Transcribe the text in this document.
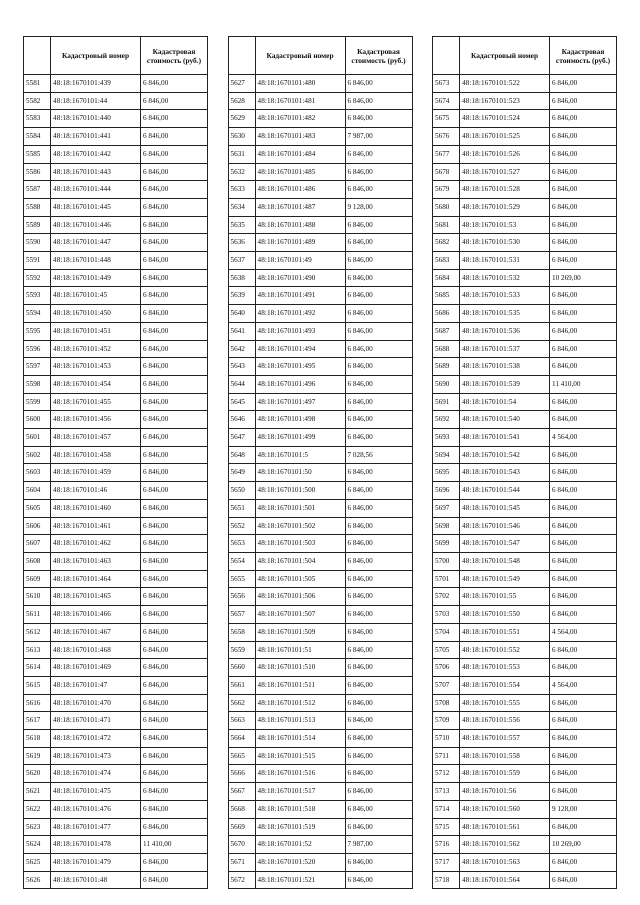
	Кадастровый номер	Кадастровая стоимость (руб.)
5581	48:18:1670101:439	6 846,00
5582	48:18:1670101:44	6 846,00
5583	48:18:1670101:440	6 846,00
5584	48:18:1670101:441	6 846,00
5585	48:18:1670101:442	6 846,00
5586	48:18:1670101:443	6 846,00
5587	48:18:1670101:444	6 846,00
5588	48:18:1670101:445	6 846,00
5589	48:18:1670101:446	6 846,00
5590	48:18:1670101:447	6 846,00
5591	48:18:1670101:448	6 846,00
5592	48:18:1670101:449	6 846,00
5593	48:18:1670101:45	6 846,00
5594	48:18:1670101:450	6 846,00
5595	48:18:1670101:451	6 846,00
5596	48:18:1670101:452	6 846,00
5597	48:18:1670101:453	6 846,00
5598	48:18:1670101:454	6 846,00
5599	48:18:1670101:455	6 846,00
5600	48:18:1670101:456	6 846,00
5601	48:18:1670101:457	6 846,00
5602	48:18:1670101:458	6 846,00
5603	48:18:1670101:459	6 846,00
5604	48:18:1670101:46	6 846,00
5605	48:18:1670101:460	6 846,00
5606	48:18:1670101:461	6 846,00
5607	48:18:1670101:462	6 846,00
5608	48:18:1670101:463	6 846,00
5609	48:18:1670101:464	6 846,00
5610	48:18:1670101:465	6 846,00
5611	48:18:1670101:466	6 846,00
5612	48:18:1670101:467	6 846,00
5613	48:18:1670101:468	6 846,00
5614	48:18:1670101:469	6 846,00
5615	48:18:1670101:47	6 846,00
5616	48:18:1670101:470	6 846,00
5617	48:18:1670101:471	6 846,00
5618	48:18:1670101:472	6 846,00
5619	48:18:1670101:473	6 846,00
5620	48:18:1670101:474	6 846,00
5621	48:18:1670101:475	6 846,00
5622	48:18:1670101:476	6 846,00
5623	48:18:1670101:477	6 846,00
5624	48:18:1670101:478	11 410,00
5625	48:18:1670101:479	6 846,00
5626	48:18:1670101:48	6 846,00
	Кадастровый номер	Кадастровая стоимость (руб.)
5627	48:18:1670101:480	6 846,00
5628	48:18:1670101:481	6 846,00
5629	48:18:1670101:482	6 846,00
5630	48:18:1670101:483	7 987,00
5631	48:18:1670101:484	6 846,00
5632	48:18:1670101:485	6 846,00
5633	48:18:1670101:486	6 846,00
5634	48:18:1670101:487	9 128,00
5635	48:18:1670101:488	6 846,00
5636	48:18:1670101:489	6 846,00
5637	48:18:1670101:49	6 846,00
5638	48:18:1670101:490	6 846,00
5639	48:18:1670101:491	6 846,00
5640	48:18:1670101:492	6 846,00
5641	48:18:1670101:493	6 846,00
5642	48:18:1670101:494	6 846,00
5643	48:18:1670101:495	6 846,00
5644	48:18:1670101:496	6 846,00
5645	48:18:1670101:497	6 846,00
5646	48:18:1670101:498	6 846,00
5647	48:18:1670101:499	6 846,00
5648	48:18:1670101:5	7 028,56
5649	48:18:1670101:50	6 846,00
5650	48:18:1670101:500	6 846,00
5651	48:18:1670101:501	6 846,00
5652	48:18:1670101:502	6 846,00
5653	48:18:1670101:503	6 846,00
5654	48:18:1670101:504	6 846,00
5655	48:18:1670101:505	6 846,00
5656	48:18:1670101:506	6 846,00
5657	48:18:1670101:507	6 846,00
5658	48:18:1670101:509	6 846,00
5659	48:18:1670101:51	6 846,00
5660	48:18:1670101:510	6 846,00
5661	48:18:1670101:511	6 846,00
5662	48:18:1670101:512	6 846,00
5663	48:18:1670101:513	6 846,00
5664	48:18:1670101:514	6 846,00
5665	48:18:1670101:515	6 846,00
5666	48:18:1670101:516	6 846,00
5667	48:18:1670101:517	6 846,00
5668	48:18:1670101:518	6 846,00
5669	48:18:1670101:519	6 846,00
5670	48:18:1670101:52	7 987,00
5671	48:18:1670101:520	6 846,00
5672	48:18:1670101:521	6 846,00
	Кадастровый номер	Кадастровая стоимость (руб.)
5673	48:18:1670101:522	6 846,00
5674	48:18:1670101:523	6 846,00
5675	48:18:1670101:524	6 846,00
5676	48:18:1670101:525	6 846,00
5677	48:18:1670101:526	6 846,00
5678	48:18:1670101:527	6 846,00
5679	48:18:1670101:528	6 846,00
5680	48:18:1670101:529	6 846,00
5681	48:18:1670101:53	6 846,00
5682	48:18:1670101:530	6 846,00
5683	48:18:1670101:531	6 846,00
5684	48:18:1670101:532	10 269,00
5685	48:18:1670101:533	6 846,00
5686	48:18:1670101:535	6 846,00
5687	48:18:1670101:536	6 846,00
5688	48:18:1670101:537	6 846,00
5689	48:18:1670101:538	6 846,00
5690	48:18:1670101:539	11 410,00
5691	48:18:1670101:54	6 846,00
5692	48:18:1670101:540	6 846,00
5693	48:18:1670101:541	4 564,00
5694	48:18:1670101:542	6 846,00
5695	48:18:1670101:543	6 846,00
5696	48:18:1670101:544	6 846,00
5697	48:18:1670101:545	6 846,00
5698	48:18:1670101:546	6 846,00
5699	48:18:1670101:547	6 846,00
5700	48:18:1670101:548	6 846,00
5701	48:18:1670101:549	6 846,00
5702	48:18:1670101:55	6 846,00
5703	48:18:1670101:550	6 846,00
5704	48:18:1670101:551	4 564,00
5705	48:18:1670101:552	6 846,00
5706	48:18:1670101:553	6 846,00
5707	48:18:1670101:554	4 564,00
5708	48:18:1670101:555	6 846,00
5709	48:18:1670101:556	6 846,00
5710	48:18:1670101:557	6 846,00
5711	48:18:1670101:558	6 846,00
5712	48:18:1670101:559	6 846,00
5713	48:18:1670101:56	6 846,00
5714	48:18:1670101:560	9 128,00
5715	48:18:1670101:561	6 846,00
5716	48:18:1670101:562	10 269,00
5717	48:18:1670101:563	6 846,00
5718	48:18:1670101:564	6 846,00
